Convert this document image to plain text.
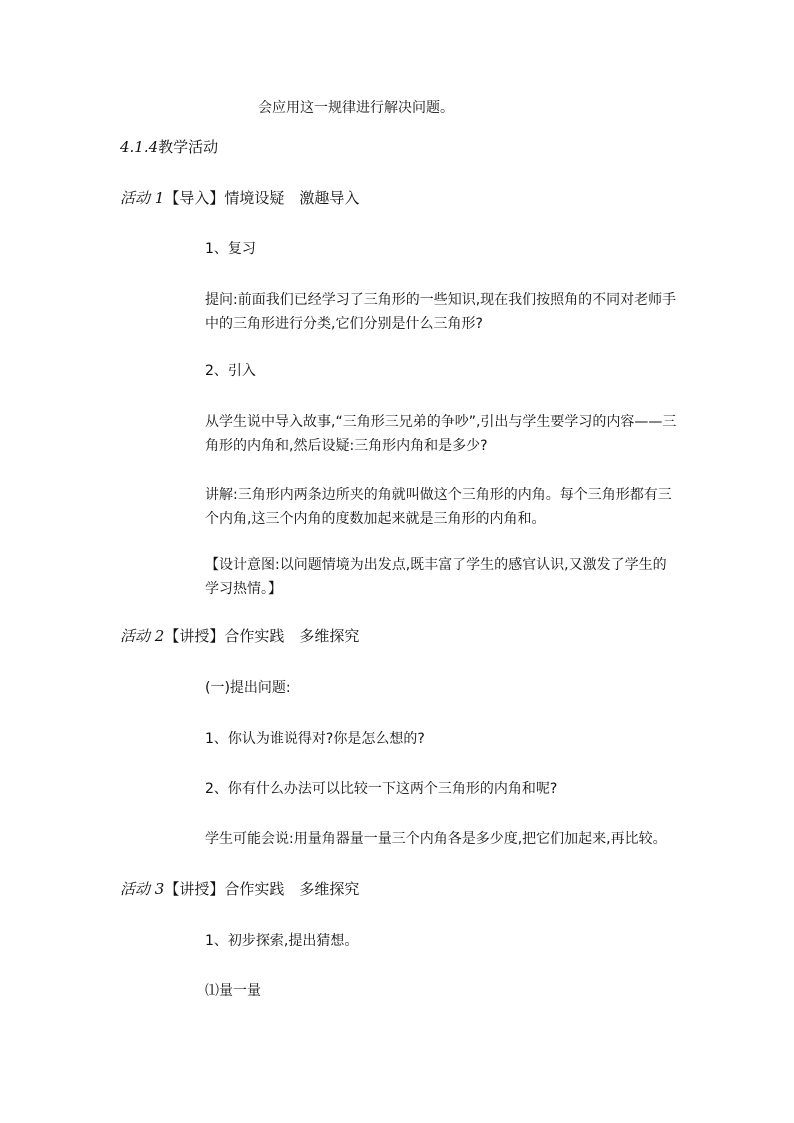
会应用这一规律进行解决问题。
4.1.4教学活动
活动 1【导入】情境设疑　激趣导入
1、复习
提问:前面我们已经学习了三角形的一些知识,现在我们按照角的不同对老师手
中的三角形进行分类,它们分别是什么三角形?
2、引入
从学生说中导入故事,“三角形三兄弟的争吵”,引出与学生要学习的内容——三
角形的内角和,然后设疑:三角形内角和是多少?
讲解:三角形内两条边所夹的角就叫做这个三角形的内角。每个三角形都有三
个内角,这三个内角的度数加起来就是三角形的内角和。
【设计意图:以问题情境为出发点,既丰富了学生的感官认识,又激发了学生的
学习热情。】
活动 2【讲授】合作实践　多维探究
(一)提出问题:
1、你认为谁说得对?你是怎么想的?
2、你有什么办法可以比较一下这两个三角形的内角和呢?
学生可能会说:用量角器量一量三个内角各是多少度,把它们加起来,再比较。
活动 3【讲授】合作实践　多维探究
1、初步探索,提出猜想。
⑴量一量
